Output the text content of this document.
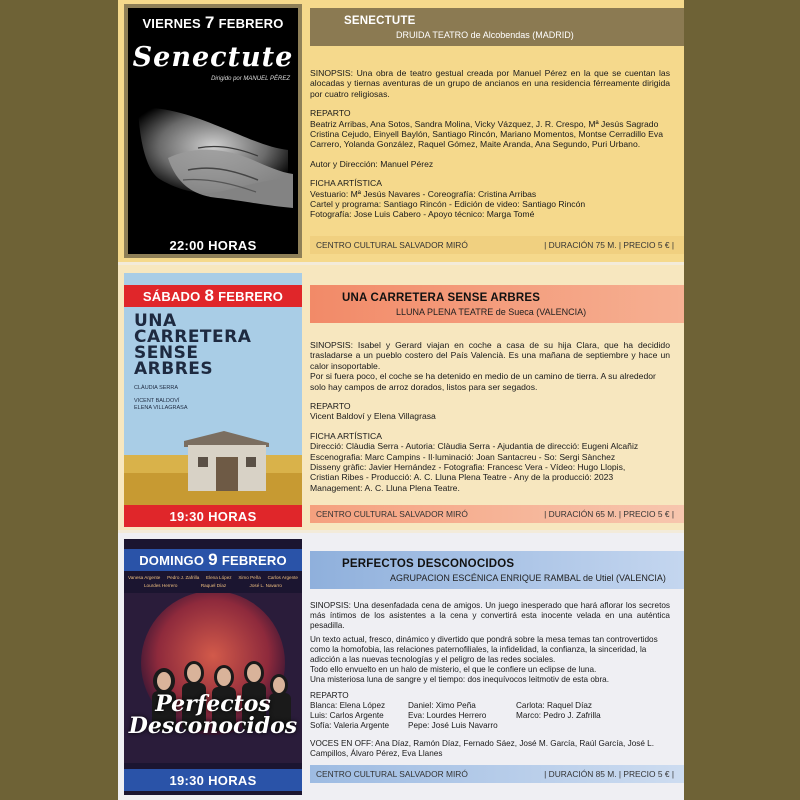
VIERNES 7 FEBRERO
Senectute
Dirigido por MANUEL PÉREZ
22:00 HORAS
SENECTUTE
DRUIDA TEATRO de Alcobendas (MADRID)

SINOPSIS: Una obra de teatro gestual creada por Manuel Pérez en la que se cuentan las alocadas y tiernas aventuras de un grupo de ancianos en una residencia férreamente dirigida por cuatro religiosas.

REPARTO

Beatriz Arribas, Ana Sotos, Sandra Molina, Vicky Vázquez, J. R. Crespo, Mª Jesús Sagrado Cristina Cejudo, Einyell Baylón, Santiago Rincón, Mariano Momentos, Montse Cerradillo Eva Carrero, Yolanda González, Raquel Gómez, Maite Aranda, Ana Segundo, Puri Urbano.

Autor y Dirección: Manuel Pérez

FICHA ARTÍSTICA

Vestuario: Mª Jesús Navares - Coreografía: Cristina Arribas

Cartel y programa: Santiago Rincón - Edición de video: Santiago Rincón

Fotografía: Jose Luis Cabero - Apoyo técnico: Marga Tomé

CENTRO CULTURAL SALVADOR MIRÓ	| DURACIÓN 75 M. | PRECIO 5 € |
SÁBADO 8 FEBRERO
UNA
CARRETERA
SENSE
ARBRES
CLÀUDIA SERRA
VICENT BALDOVÍ
ELENA VILLAGRASA
19:30 HORAS
UNA CARRETERA SENSE ARBRES
LLUNA PLENA TEATRE de Sueca (VALENCIA)

SINOPSIS: Isabel y Gerard viajan en coche a casa de su hija Clara, que ha decidido trasladarse a un pueblo costero del País Valencià. Es una mañana de septiembre y hace un calor insoportable.

Por si fuera poco, el coche se ha detenido en medio de un camino de tierra. A su alrededor solo hay campos de arroz dorados, listos para ser segados.

REPARTO

Vicent Baldoví y Elena Villagrasa

FICHA ARTÍSTICA

Direcció: Clàudia Serra - Autoria: Clàudia Serra - Ajudantia de direcció: Eugeni Alcañiz

Escenografia: Marc Campins - Il·luminació: Joan Santacreu - So: Sergi Sànchez

Disseny gràfic: Javier Hernández - Fotografia: Francesc Vera - Vídeo: Hugo Llopis,

Cristian Ribes - Producció: A. C. Lluna Plena Teatre - Any de la producció: 2023

Management: A. C. Lluna Plena Teatre.

CENTRO CULTURAL SALVADOR MIRÓ	| DURACIÓN 65 M. | PRECIO 5 € |
DOMINGO 9 FEBRERO
Vanesa Argente Pedro J. Zafrilla Elena López Ximo Peña Carlos Argente
Lourdes Herrero	Raquel Díaz	José L. Navarro
Perfectos
Desconocidos
19:30 HORAS
PERFECTOS DESCONOCIDOS
AGRUPACION ESCÉNICA ENRIQUE RAMBAL de Utiel (VALENCIA)

SINOPSIS: Una desenfadada cena de amigos. Un juego inesperado que hará aflorar los secretos más íntimos de los asistentes a la cena y convertirá esta inocente velada en una auténtica pesadilla.

Un texto actual, fresco, dinámico y divertido que pondrá sobre la mesa temas tan controvertidos como la homofobia, las relaciones paternofiliales, la infidelidad, la confianza, la sinceridad, la adicción a las nuevas tecnologías y el peligro de las redes sociales.

Todo ello envuelto en un halo de misterio, el que le confiere un eclipse de luna.

Una misteriosa luna de sangre y el tiempo: dos inequívocos leitmotiv de esta obra.

REPARTO

Blanca: Elena López	Daniel: Ximo Peña	Carlota: Raquel Díaz
Luis: Carlos Argente	Eva: Lourdes Herrero	Marco: Pedro J. Zafrilla
Sofía: Valeria Argente	Pepe: José Luis Navarro

VOCES EN OFF: Ana Díaz, Ramón Díaz, Fernado Sáez, José M. García, Raúl García, José L. Campillos, Álvaro Pérez, Eva Llanes

CENTRO CULTURAL SALVADOR MIRÓ	| DURACIÓN 85 M. | PRECIO 5 € |
